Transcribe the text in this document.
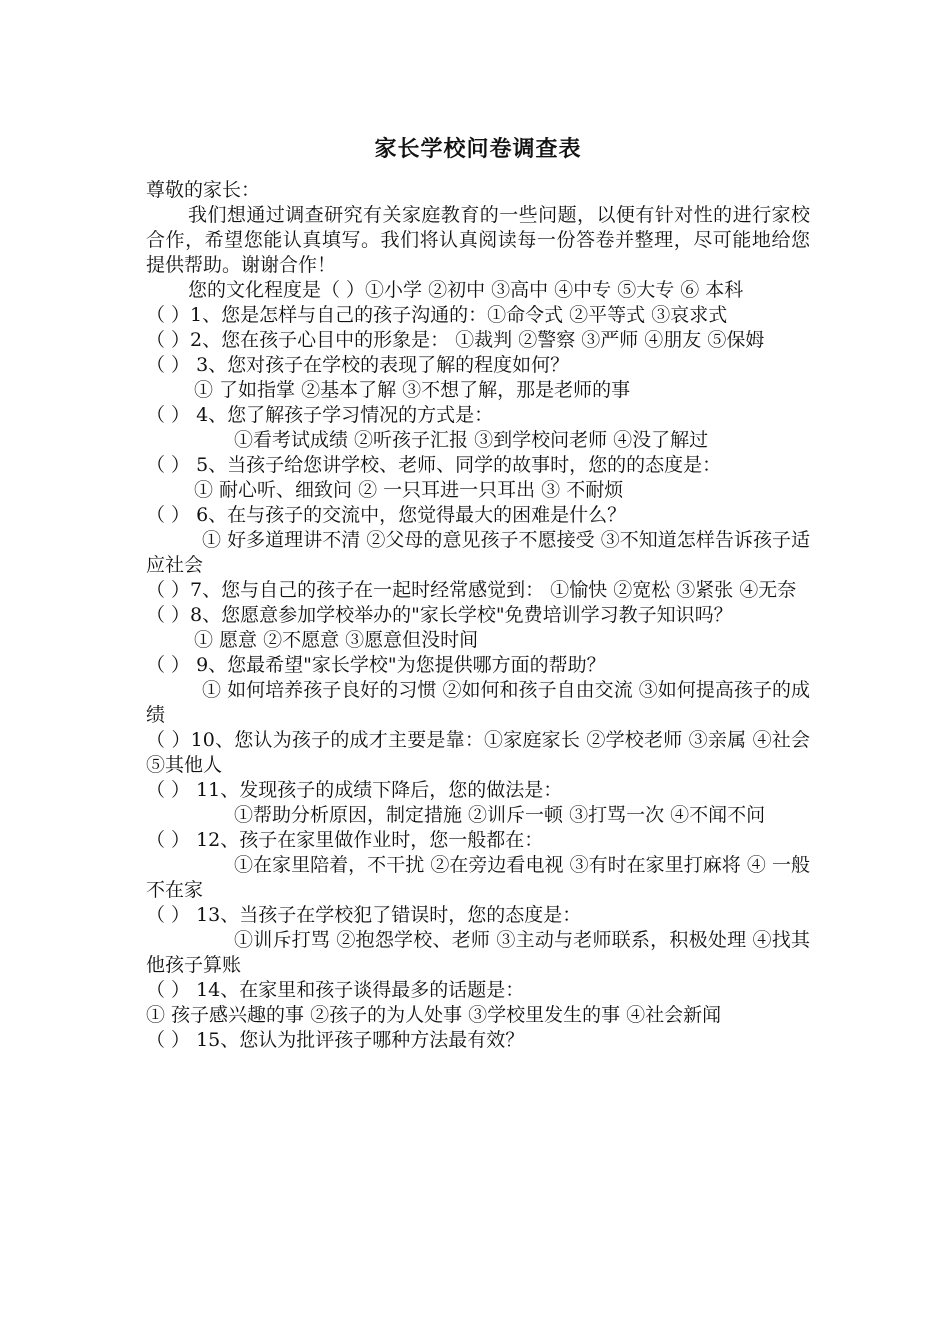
家长学校问卷调查表
尊敬的家长：
我们想通过调查研究有关家庭教育的一些问题，以便有针对性的进行家校合作，希望您能认真填写。我们将认真阅读每一份答卷并整理，尽可能地给您提供帮助。谢谢合作！
您的文化程度是（ ）①小学 ②初中 ③高中 ④中专 ⑤大专 ⑥ 本科
（ ）1、您是怎样与自己的孩子沟通的：①命令式 ②平等式 ③哀求式
（ ）2、您在孩子心目中的形象是： ①裁判 ②警察 ③严师 ④朋友 ⑤保姆
（ ） 3、您对孩子在学校的表现了解的程度如何？
① 了如指掌 ②基本了解 ③不想了解，那是老师的事
（ ） 4、您了解孩子学习情况的方式是：
①看考试成绩 ②听孩子汇报 ③到学校问老师 ④没了解过
（ ） 5、当孩子给您讲学校、老师、同学的故事时，您的的态度是：
① 耐心听、细致问 ② 一只耳进一只耳出 ③ 不耐烦
（ ） 6、在与孩子的交流中，您觉得最大的困难是什么？
① 好多道理讲不清 ②父母的意见孩子不愿接受 ③不知道怎样告诉孩子适应社会
（ ）7、您与自己的孩子在一起时经常感觉到： ①愉快 ②宽松 ③紧张 ④无奈
（ ）8、您愿意参加学校举办的"家长学校"免费培训学习教子知识吗？
① 愿意 ②不愿意 ③愿意但没时间
（ ） 9、您最希望"家长学校"为您提供哪方面的帮助？
① 如何培养孩子良好的习惯 ②如何和孩子自由交流 ③如何提高孩子的成绩
（ ）10、您认为孩子的成才主要是靠：①家庭家长 ②学校老师 ③亲属 ④社会 ⑤其他人
（ ） 11、发现孩子的成绩下降后，您的做法是：
①帮助分析原因，制定措施 ②训斥一顿 ③打骂一次 ④不闻不问
（ ） 12、孩子在家里做作业时，您一般都在：
①在家里陪着，不干扰 ②在旁边看电视 ③有时在家里打麻将 ④ 一般不在家
（ ） 13、当孩子在学校犯了错误时，您的态度是：
①训斥打骂 ②抱怨学校、老师 ③主动与老师联系，积极处理 ④找其他孩子算账
（ ） 14、在家里和孩子谈得最多的话题是：
① 孩子感兴趣的事 ②孩子的为人处事 ③学校里发生的事 ④社会新闻
（ ） 15、您认为批评孩子哪种方法最有效？
